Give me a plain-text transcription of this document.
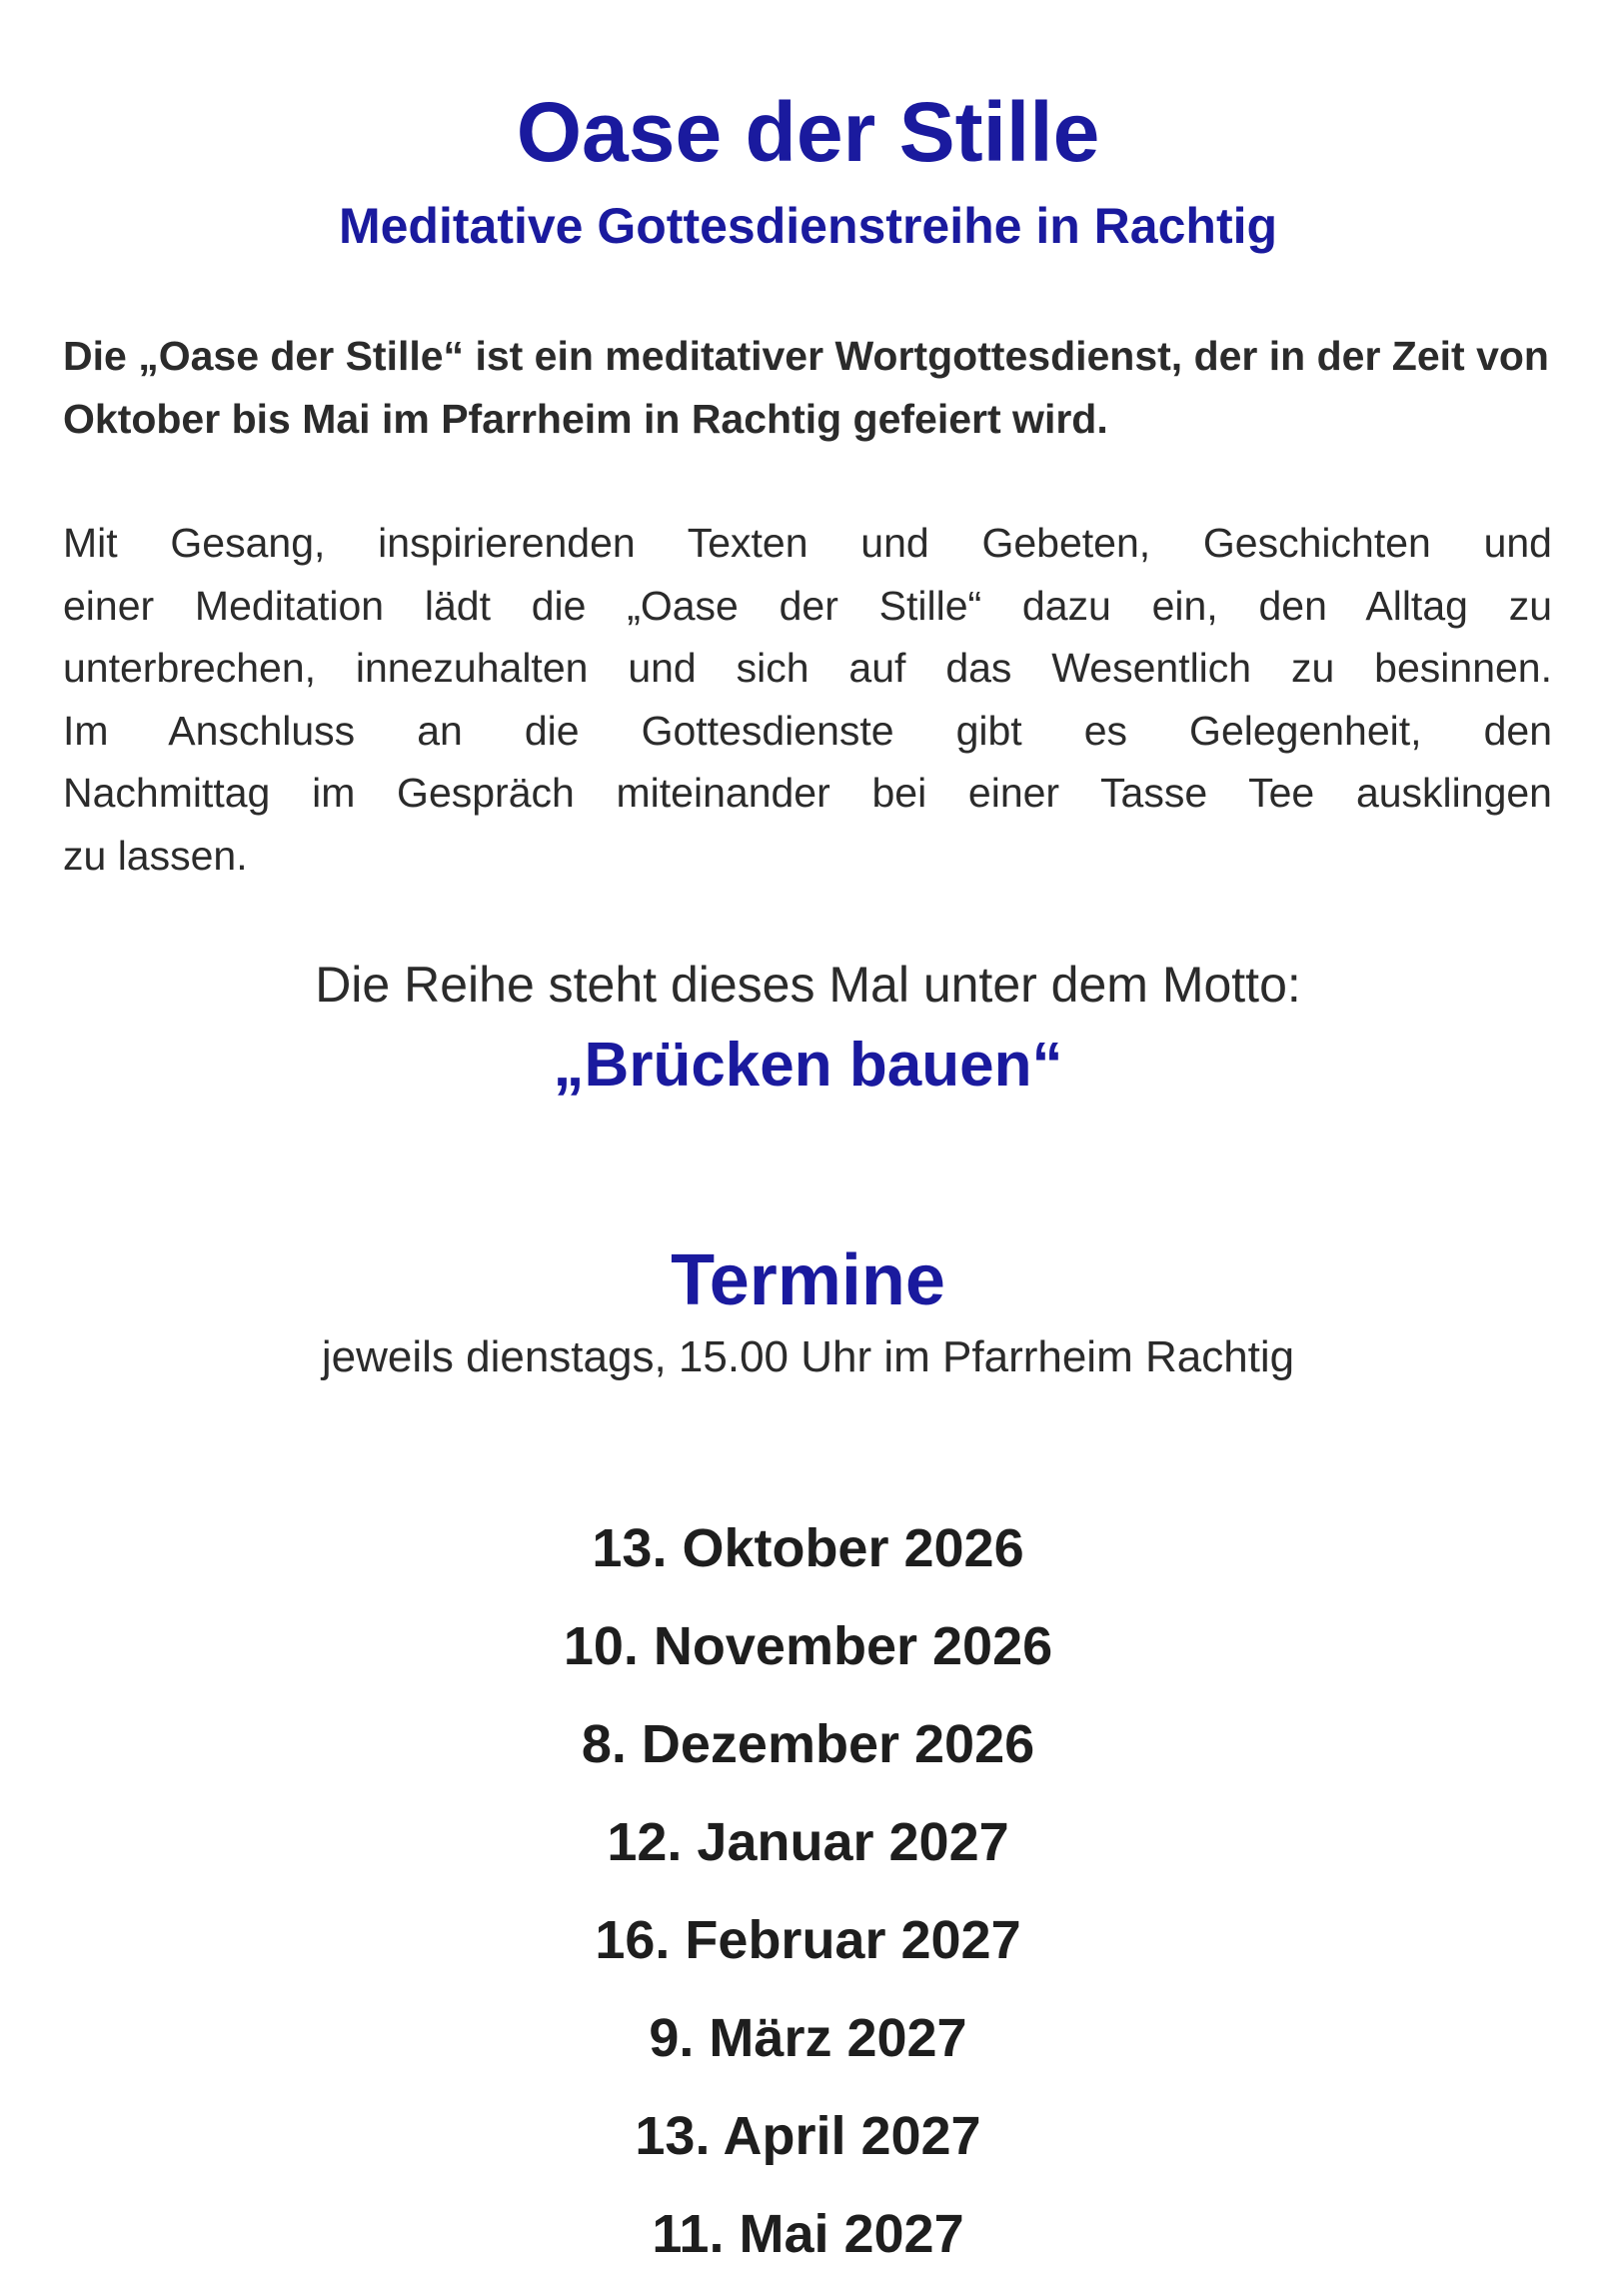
Oase der Stille
Meditative Gottesdienstreihe in Rachtig

Die „Oase der Stille“ ist ein meditativer Wortgottesdienst, der in der Zeit von Oktober bis Mai im Pfarrheim in Rachtig gefeiert wird.

Mit Gesang, inspirierenden Texten und Gebeten, Geschichten und
einer Meditation lädt die „Oase der Stille“ dazu ein, den Alltag zu
unterbrechen, innezuhalten und sich auf das Wesentlich zu besinnen.
Im Anschluss an die Gottesdienste gibt es Gelegenheit, den
Nachmittag im Gespräch miteinander bei einer Tasse Tee ausklingen
zu lassen.

Die Reihe steht dieses Mal unter dem Motto:

„Brücken bauen“

Termine

jeweils dienstags, 15.00 Uhr im Pfarrheim Rachtig

13. Oktober 2026
10. November 2026
8. Dezember 2026
12. Januar 2027
16. Februar 2027
9. März 2027
13. April 2027
11. Mai 2027
